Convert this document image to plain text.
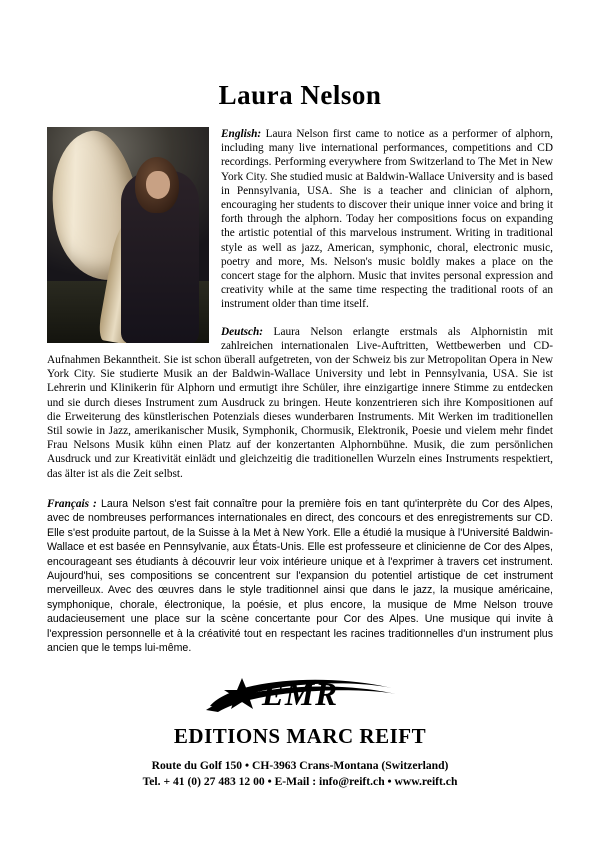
Laura Nelson

English: Laura Nelson first came to notice as a performer of alphorn, including many live international performances, competitions and CD recordings. Performing everywhere from Switzerland to The Met in New York City. She studied music at Baldwin-Wallace University and is based in Pennsylvania, USA. She is a teacher and clinician of alphorn, encouraging her students to discover their unique inner voice and bring it forth through the alphorn. Today her compositions focus on expanding the artistic potential of this marvelous instrument. Writing in traditional style as well as jazz, American, symphonic, choral, electronic music, poetry and more, Ms. Nelson's music boldly makes a place on the concert stage for the alphorn. Music that invites personal expression and creativity while at the same time respecting the traditional roots of an instrument older than time itself.

Deutsch: Laura Nelson erlangte erstmals als Alphornistin mit zahlreichen internationalen Live-Auftritten, Wettbewerben und CD-Aufnahmen Bekanntheit. Sie ist schon überall aufgetreten, von der Schweiz bis zur Metropolitan Opera in New York City. Sie studierte Musik an der Baldwin-Wallace University und lebt in Pennsylvania, USA. Sie ist Lehrerin und Klinikerin für Alphorn und ermutigt ihre Schüler, ihre einzigartige innere Stimme zu entdecken und sie durch dieses Instrument zum Ausdruck zu bringen. Heute konzentrieren sich ihre Kompositionen auf die Erweiterung des künstlerischen Potenzials dieses wunderbaren Instruments. Mit Werken im traditionellen Stil sowie in Jazz, amerikanischer Musik, Symphonik, Chormusik, Elektronik, Poesie und vielem mehr findet Frau Nelsons Musik kühn einen Platz auf der konzertanten Alphornbühne. Musik, die zum persönlichen Ausdruck und zur Kreativität einlädt und gleichzeitig die traditionellen Wurzeln eines Instruments respektiert, das älter ist als die Zeit selbst.

Français : Laura Nelson s'est fait connaître pour la première fois en tant qu'interprète du Cor des Alpes, avec de nombreuses performances internationales en direct, des concours et des enregistrements sur CD. Elle s'est produite partout, de la Suisse à la Met à New York. Elle a étudié la musique à l'Université Baldwin-Wallace et est basée en Pennsylvanie, aux États-Unis. Elle est professeure et clinicienne de Cor des Alpes, encourageant ses étudiants à découvrir leur voix intérieure unique et à l'exprimer à travers cet instrument. Aujourd'hui, ses compositions se concentrent sur l'expansion du potentiel artistique de cet instrument merveilleux. Avec des œuvres dans le style traditionnel ainsi que dans le jazz, la musique américaine, symphonique, chorale, électronique, la poésie, et plus encore, la musique de Mme Nelson trouve audacieusement une place sur la scène concertante pour Cor des Alpes. Une musique qui invite à l'expression personnelle et à la créativité tout en respectant les racines traditionnelles d'un instrument plus ancien que le temps lui-même.

EMR
EDITIONS MARC REIFT
Route du Golf 150 • CH-3963 Crans-Montana (Switzerland)
Tel. + 41 (0) 27 483 12 00 • E-Mail : info@reift.ch • www.reift.ch
